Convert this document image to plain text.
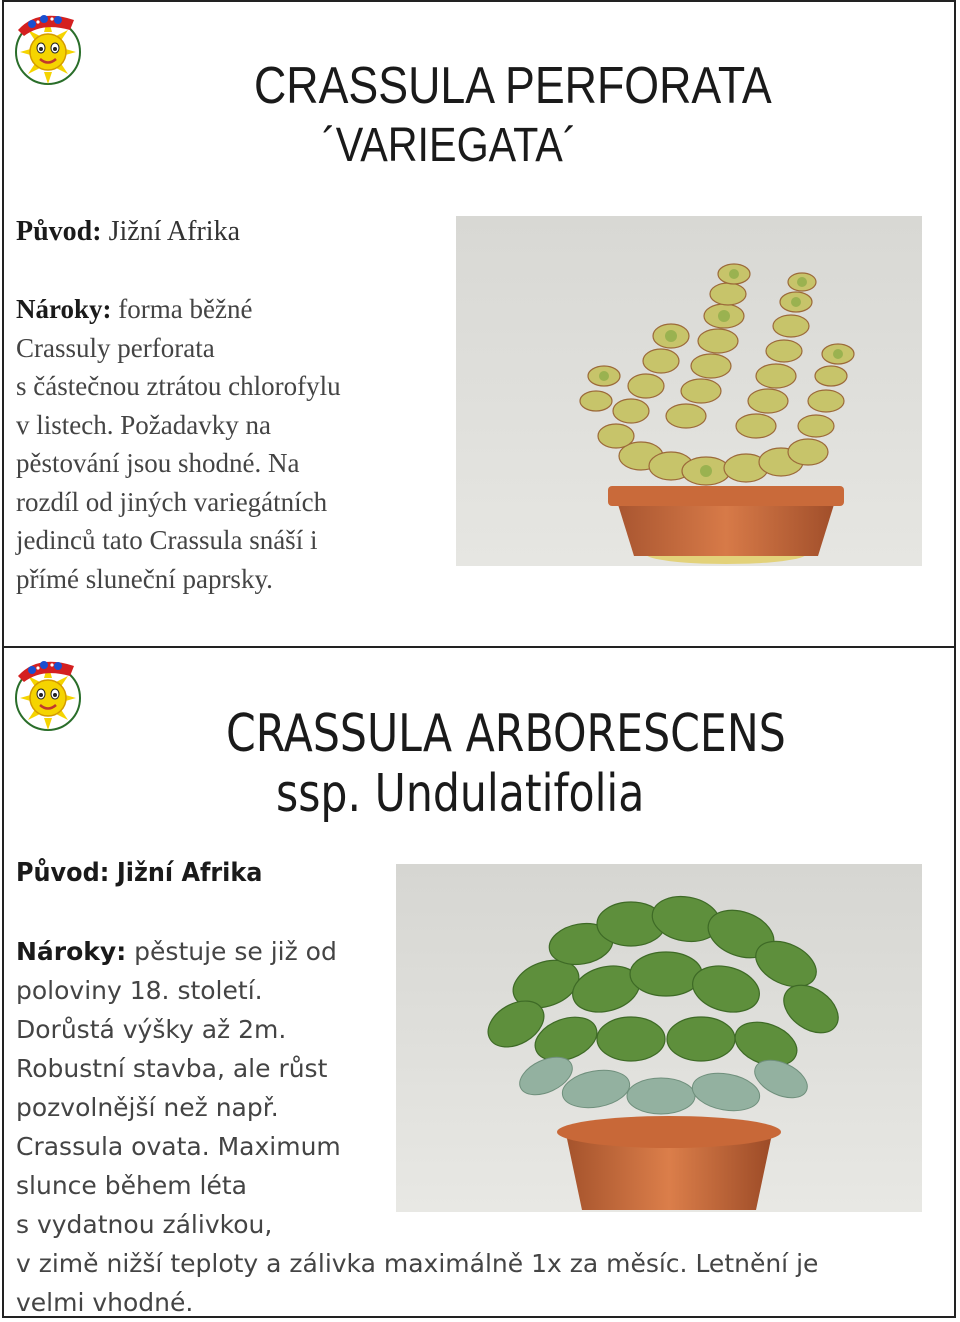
CRASSULA PERFORATA
´VARIEGATA´
Původ: Jižní Afrika
Nároky: forma běžné
Crassuly perforata
s částečnou ztrátou chlorofylu
v listech. Požadavky na
pěstování jsou shodné. Na
rozdíl od jiných variegátních
jedinců tato Crassula snáší i
přímé sluneční paprsky.
CRASSULA ARBORESCENS
ssp. Undulatifolia
Původ: Jižní Afrika
Nároky: pěstuje se již od
poloviny 18. století.
Dorůstá výšky až 2m.
Robustní stavba, ale růst
pozvolnější než např.
Crassula ovata. Maximum
slunce během léta
s vydatnou zálivkou,
v zimě nižší teploty a zálivka maximálně 1x za měsíc. Letnění je
velmi vhodné.
